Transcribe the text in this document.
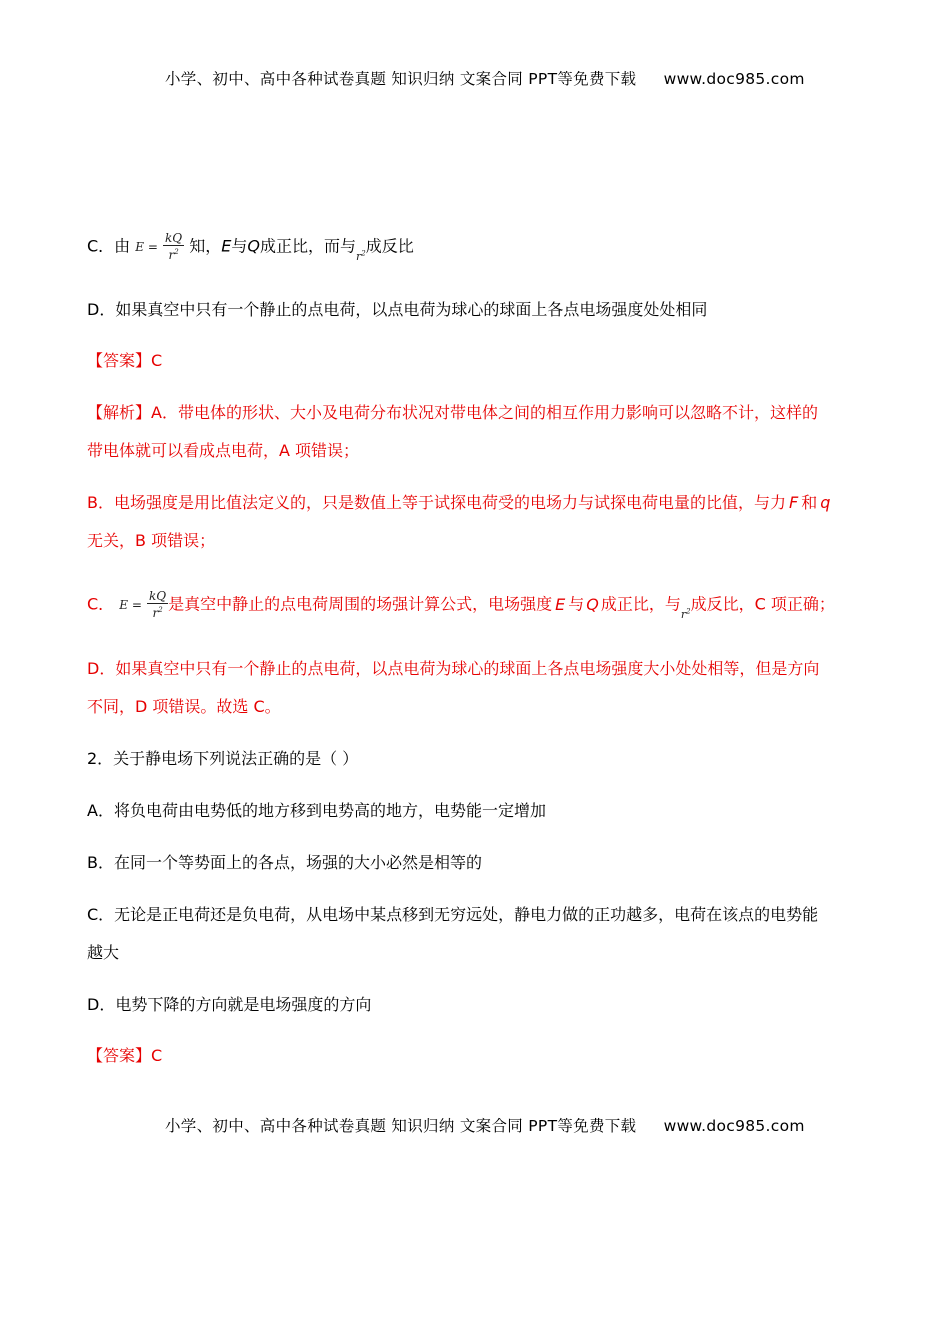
小学、初中、高中各种试卷真题 知识归纳 文案合同 PPT等免费下载 www.doc985.com
C．由 $E = \frac{kQ}{r^2}$ 知，E与Q成正比，而与$_{r^2}$成反比
D．如果真空中只有一个静止的点电荷，以点电荷为球心的球面上各点电场强度处处相同
【答案】C
【解析】A．带电体的形状、大小及电荷分布状况对带电体之间的相互作用力影响可以忽略不计，这样的
带电体就可以看成点电荷，A 项错误；
B．电场强度是用比值法定义的，只是数值上等于试探电荷受的电场力与试探电荷电量的比值，与力 F 和 q
无关，B 项错误；
C． $E = \frac{kQ}{r^2}$ 是真空中静止的点电荷周围的场强计算公式，电场强度 E 与 Q 成正比，与$_{r^2}$成反比，C 项正确；
D．如果真空中只有一个静止的点电荷，以点电荷为球心的球面上各点电场强度大小处处相等，但是方向
不同，D 项错误。故选 C。
2．关于静电场下列说法正确的是（ ）
A．将负电荷由电势低的地方移到电势高的地方，电势能一定增加
B．在同一个等势面上的各点，场强的大小必然是相等的
C．无论是正电荷还是负电荷，从电场中某点移到无穷远处，静电力做的正功越多，电荷在该点的电势能
越大
D．电势下降的方向就是电场强度的方向
【答案】C
小学、初中、高中各种试卷真题 知识归纳 文案合同 PPT等免费下载 www.doc985.com
